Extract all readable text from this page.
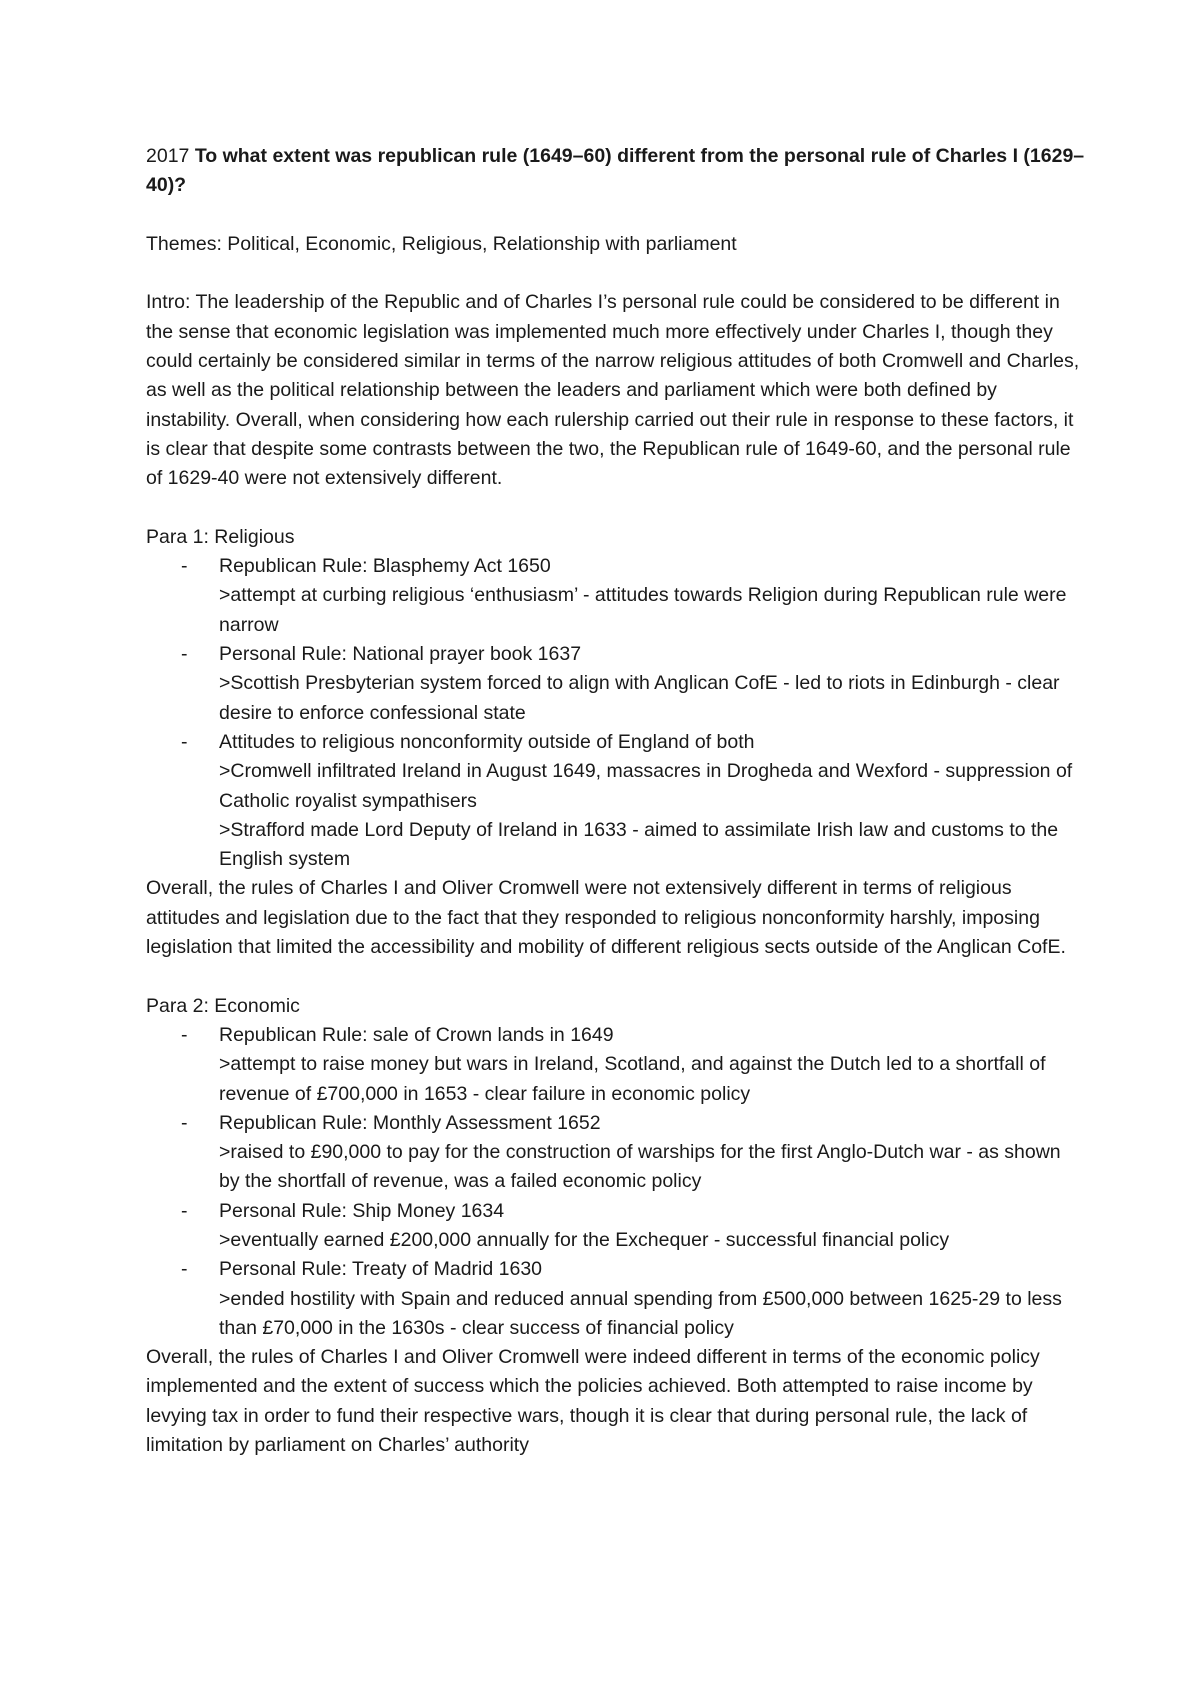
2017 To what extent was republican rule (1649–60) different from the personal rule of Charles I (1629–40)?

Themes: Political, Economic, Religious, Relationship with parliament

Intro: The leadership of the Republic and of Charles I’s personal rule could be considered to be different in the sense that economic legislation was implemented much more effectively under Charles I, though they could certainly be considered similar in terms of the narrow religious attitudes of both Cromwell and Charles, as well as the political relationship between the leaders and parliament which were both defined by instability. Overall, when considering how each rulership carried out their rule in response to these factors, it is clear that despite some contrasts between the two, the Republican rule of 1649-60, and the personal rule of 1629-40 were not extensively different.

Para 1: Religious

- Republican Rule: Blasphemy Act 1650
>attempt at curbing religious ‘enthusiasm’ - attitudes towards Religion during Republican rule were narrow
- Personal Rule: National prayer book 1637
>Scottish Presbyterian system forced to align with Anglican CofE - led to riots in Edinburgh - clear desire to enforce confessional state
- Attitudes to religious nonconformity outside of England of both
>Cromwell infiltrated Ireland in August 1649, massacres in Drogheda and Wexford - suppression of Catholic royalist sympathisers
>Strafford made Lord Deputy of Ireland in 1633 - aimed to assimilate Irish law and customs to the English system

Overall, the rules of Charles I and Oliver Cromwell were not extensively different in terms of religious attitudes and legislation due to the fact that they responded to religious nonconformity harshly, imposing legislation that limited the accessibility and mobility of different religious sects outside of the Anglican CofE.

Para 2: Economic

- Republican Rule: sale of Crown lands in 1649
>attempt to raise money but wars in Ireland, Scotland, and against the Dutch led to a shortfall of revenue of £700,000 in 1653 - clear failure in economic policy
- Republican Rule: Monthly Assessment 1652
>raised to £90,000 to pay for the construction of warships for the first Anglo-Dutch war - as shown by the shortfall of revenue, was a failed economic policy
- Personal Rule: Ship Money 1634
>eventually earned £200,000 annually for the Exchequer - successful financial policy
- Personal Rule: Treaty of Madrid 1630
>ended hostility with Spain and reduced annual spending from £500,000 between 1625-29 to less than £70,000 in the 1630s - clear success of financial policy

Overall, the rules of Charles I and Oliver Cromwell were indeed different in terms of the economic policy implemented and the extent of success which the policies achieved. Both attempted to raise income by levying tax in order to fund their respective wars, though it is clear that during personal rule, the lack of limitation by parliament on Charles’ authority
